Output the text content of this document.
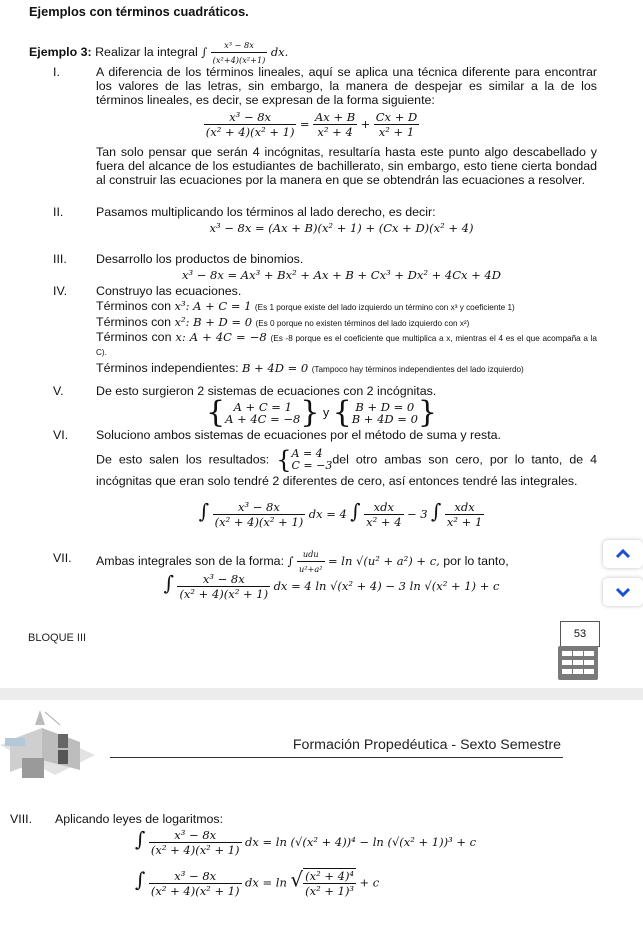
Ejemplos con términos cuadráticos.
Ejemplo 3: Realizar la integral ∫ $\frac{\text{x³ − 8x}}{\text{(x²+4)(x²+1)}}$ dx.
I.	A diferencia de los términos lineales, aquí se aplica una técnica diferente para encontrar los valores de las letras, sin embargo, la manera de despejar es similar a la de los términos lineales, es decir, se expresan de la forma siguiente:
$\frac{\text{x³ − 8x}}{\text{(x² + 4)(x² + 1)}} = \frac{Ax + B}{\text{x² + 4}} + \frac{Cx + D}{\text{x² + 1}}$
Tan solo pensar que serán 4 incógnitas, resultaría hasta este punto algo descabellado y fuera del alcance de los estudiantes de bachillerato, sin embargo, esto tiene cierta bondad al construir las ecuaciones por la manera en que se obtendrán las ecuaciones a resolver.
II.	Pasamos multiplicando los términos al lado derecho, es decir:
x³ − 8x = (Ax + B)(x² + 1) + (Cx + D)(x² + 4)
III. Desarrollo los productos de binomios.
x³ − 8x = Ax³ + Bx² + Ax + B + Cx³ + Dx² + 4Cx + 4D
IV. Construyo las ecuaciones.
Términos con x³: A + C = 1 (Es 1 porque existe del lado izquierdo un término con x³ y coeficiente 1)
Términos con x²: B + D = 0 (Es 0 porque no existen términos del lado izquierdo con x²)
Términos con x: A + 4C = −8 (Es -8 porque es el coeficiente que multiplica a x, mientras el 4 es el que acompaña a la C).
Términos independientes: B + 4D = 0 (Tampoco hay términos independientes del lado izquierdo)
V.	De esto surgieron 2 sistemas de ecuaciones con 2 incógnitas.
{ A + C = 1
A + 4C = −8 } y { B + D = 0
B + 4D = 0 }
VI. Soluciono ambos sistemas de ecuaciones por el método de suma y resta.
De esto salen los resultados: { A = 4
C = −3 del otro ambas son cero, por lo tanto, de 4 incógnitas que eran solo tendré 2 diferentes de cero, así entonces tendré las integrales.
∫ $\frac{\text{x³ − 8x}}{\text{(x² + 4)(x² + 1)}}$ dx = 4 ∫ $\frac{\text{xdx}}{\text{x² + 4}} - 3$ ∫ $\frac{\text{xdx}}{\text{x² + 1}}$
VII. Ambas integrales son de la forma: ∫ $\frac{\text{udu}}{\text{u²+a²}} = \ln √(u^2 + a^2) + c$, por lo tanto,
∫ $\frac{\text{x³ − 8x}}{\text{(x² + 4)(x² + 1)}}$ dx = 4 ln √(x² + 4) − 3 ln √(x² + 1) + c
BLOQUE III	53
Formación Propedéutica - Sexto Semestre
VIII. Aplicando leyes de logaritmos:
∫ $\frac{\text{x³ − 8x}}{\text{(x² + 4)(x² + 1)}}$ dx = ln (√(x² + 4))⁴ − ln (√(x² + 1))³ + c
∫ $\frac{\text{x³ − 8x}}{\text{(x² + 4)(x² + 1)}}$ dx = ln √ $\frac{\text{(x² + 4)⁴}}{\text{(x² + 1)³}} + c$
